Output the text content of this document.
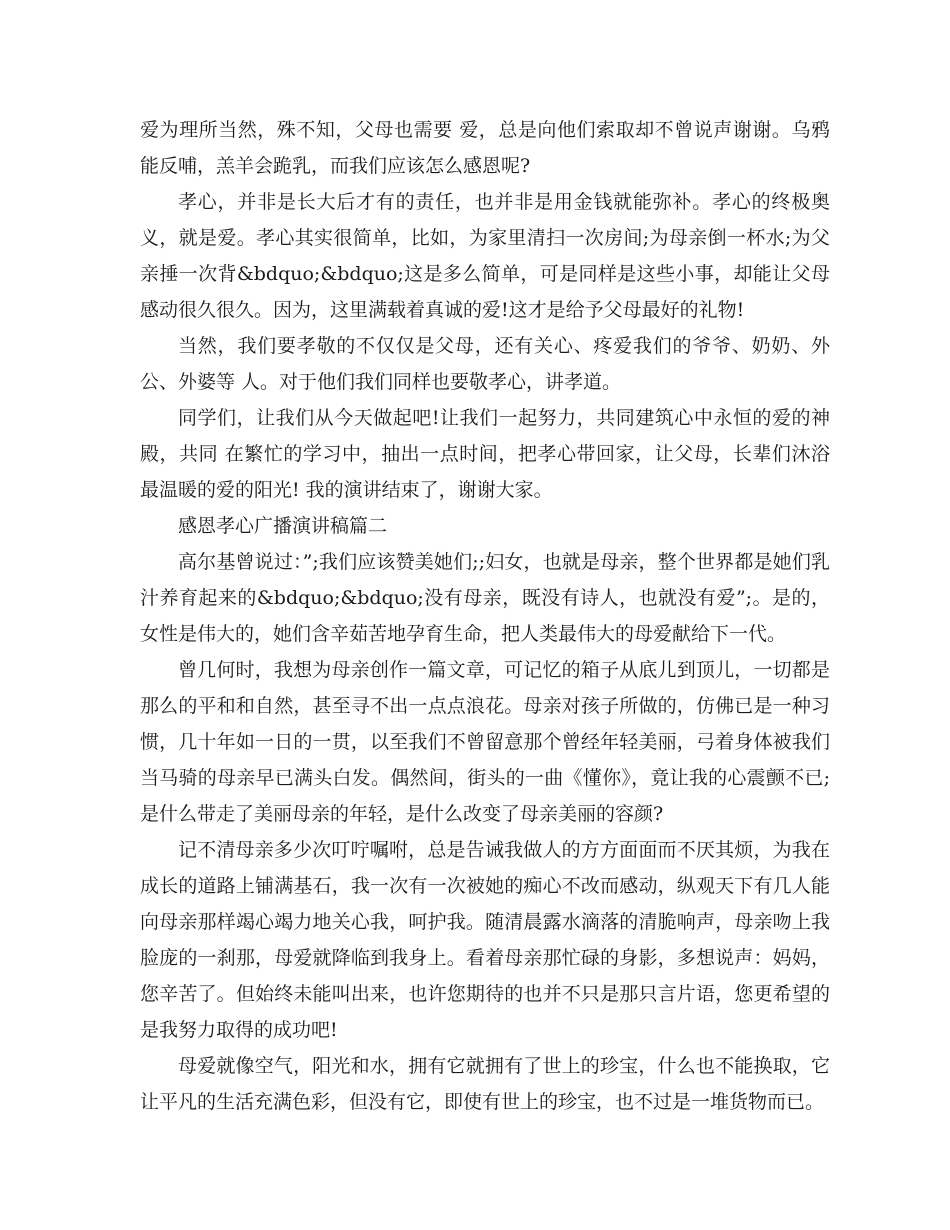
爱为理所当然，殊不知，父母也需要 爱，总是向他们索取却不曾说声谢谢。乌鸦能反哺，羔羊会跪乳，而我们应该怎么感恩呢?

孝心，并非是长大后才有的责任，也并非是用金钱就能弥补。孝心的终极奥义，就是爱。孝心其实很简单，比如，为家里清扫一次房间;为母亲倒一杯水;为父亲捶一次背&bdquo;&bdquo;这是多么简单，可是同样是这些小事，却能让父母感动很久很久。因为，这里满载着真诚的爱!这才是给予父母最好的礼物!

当然，我们要孝敬的不仅仅是父母，还有关心、疼爱我们的爷爷、奶奶、外公、外婆等 人。对于他们我们同样也要敬孝心，讲孝道。

同学们，让我们从今天做起吧!让我们一起努力，共同建筑心中永恒的爱的神殿，共同 在繁忙的学习中，抽出一点时间，把孝心带回家，让父母，长辈们沐浴最温暖的爱的阳光! 我的演讲结束了，谢谢大家。

感恩孝心广播演讲稿篇二

高尔基曾说过：”;我们应该赞美她们;;妇女，也就是母亲，整个世界都是她们乳汁养育起来的&bdquo;&bdquo;没有母亲，既没有诗人，也就没有爱”;。是的，女性是伟大的，她们含辛茹苦地孕育生命，把人类最伟大的母爱献给下一代。

曾几何时，我想为母亲创作一篇文章，可记忆的箱子从底儿到顶儿，一切都是那么的平和和自然，甚至寻不出一点点浪花。母亲对孩子所做的，仿佛已是一种习惯，几十年如一日的一贯，以至我们不曾留意那个曾经年轻美丽，弓着身体被我们当马骑的母亲早已满头白发。偶然间，街头的一曲《懂你》，竟让我的心震颤不已;是什么带走了美丽母亲的年轻，是什么改变了母亲美丽的容颜?

记不清母亲多少次叮咛嘱咐，总是告诫我做人的方方面面而不厌其烦，为我在成长的道路上铺满基石，我一次有一次被她的痴心不改而感动，纵观天下有几人能向母亲那样竭心竭力地关心我，呵护我。随清晨露水滴落的清脆响声，母亲吻上我脸庞的一刹那，母爱就降临到我身上。看着母亲那忙碌的身影，多想说声：妈妈，您辛苦了。但始终未能叫出来，也许您期待的也并不只是那只言片语，您更希望的是我努力取得的成功吧!

母爱就像空气，阳光和水，拥有它就拥有了世上的珍宝，什么也不能换取，它让平凡的生活充满色彩，但没有它，即使有世上的珍宝，也不过是一堆货物而已。
